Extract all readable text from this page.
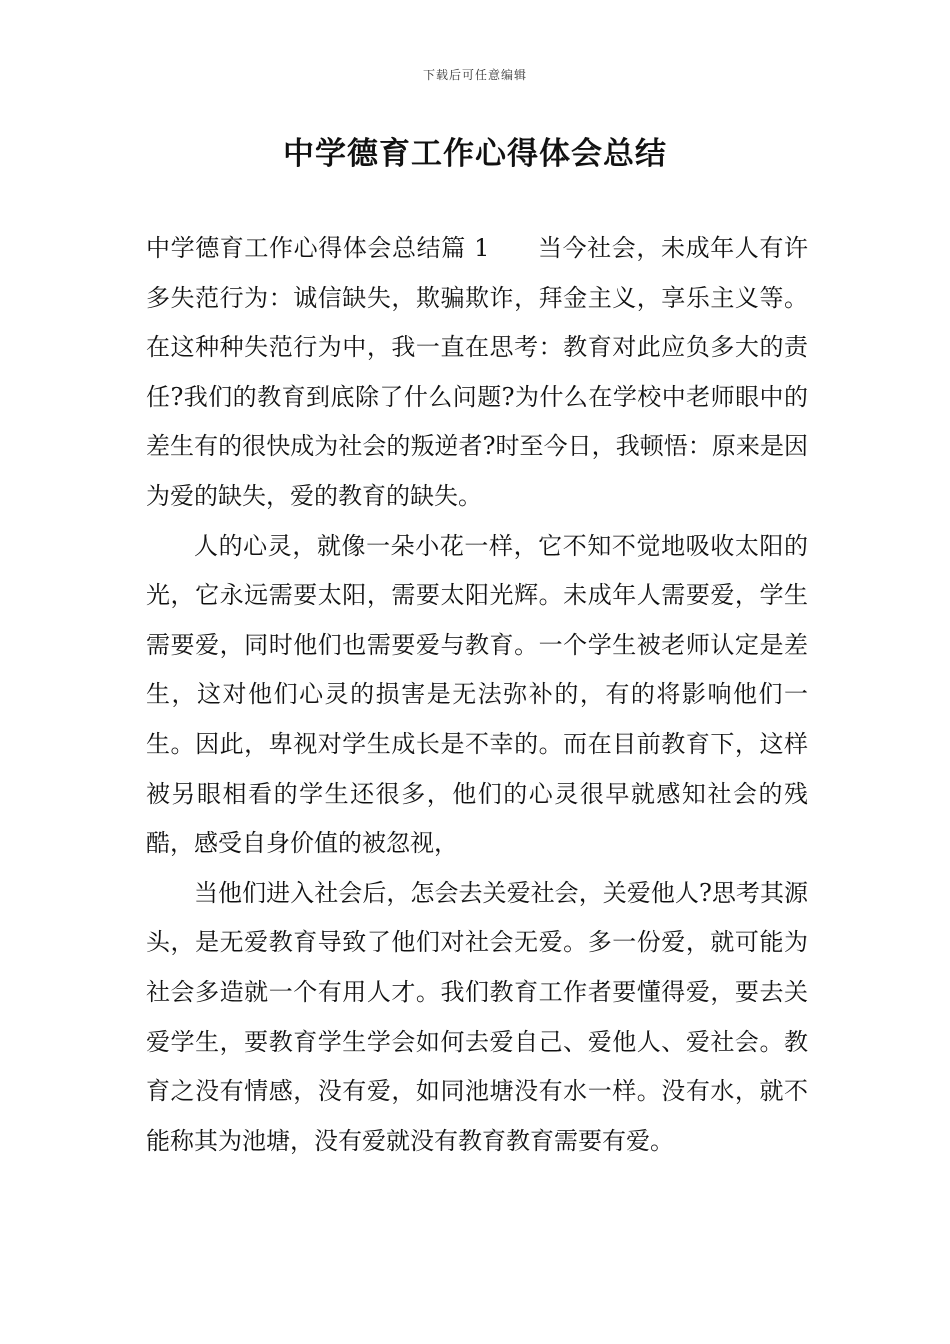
下载后可任意编辑
中学德育工作心得体会总结

中学德育工作心得体会总结篇 1 当今社会，未成年人有许多失范行为：诚信缺失，欺骗欺诈，拜金主义，享乐主义等。在这种种失范行为中，我一直在思考：教育对此应负多大的责任?我们的教育到底除了什么问题?为什么在学校中老师眼中的差生有的很快成为社会的叛逆者?时至今日，我顿悟：原来是因为爱的缺失，爱的教育的缺失。

人的心灵，就像一朵小花一样，它不知不觉地吸收太阳的光，它永远需要太阳，需要太阳光辉。未成年人需要爱，学生需要爱，同时他们也需要爱与教育。一个学生被老师认定是差生，这对他们心灵的损害是无法弥补的，有的将影响他们一生。因此，卑视对学生成长是不幸的。而在目前教育下，这样被另眼相看的学生还很多，他们的心灵很早就感知社会的残酷，感受自身价值的被忽视，

当他们进入社会后，怎会去关爱社会，关爱他人?思考其源头，是无爱教育导致了他们对社会无爱。多一份爱，就可能为社会多造就一个有用人才。我们教育工作者要懂得爱，要去关爱学生，要教育学生学会如何去爱自己、爱他人、爱社会。教育之没有情感，没有爱，如同池塘没有水一样。没有水，就不能称其为池塘，没有爱就没有教育教育需要有爱。
